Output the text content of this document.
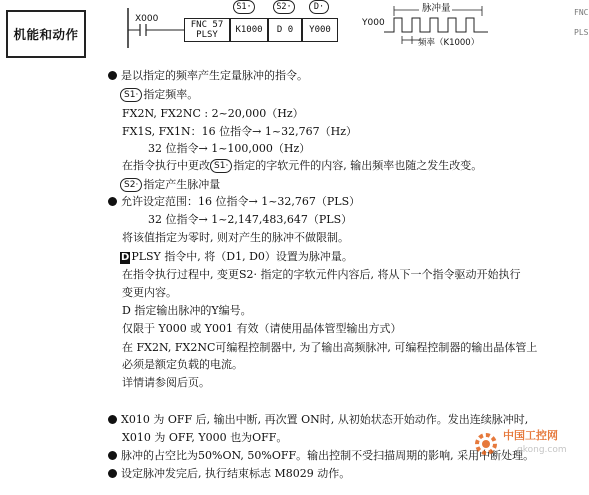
机能和动作
X000
FNC 57
PLSY K1000 D 0 Y000
S1·	S2·	D·	脉冲量
Y000
频率（K1000）
FNC
PLS
是以指定的频率产生定量脉冲的指令。
S1· 指定频率。
FX2N, FX2NC : 2~20,000（Hz）
FX1S, FX1N：16 位指令→ 1~32,767（Hz）
32 位指令→ 1~100,000（Hz）
在指令执行中更改 S1· 指定的字软元件的内容, 输出频率也随之发生改变。
S2· 指定产生脉冲量
允许设定范围：16 位指令→ 1~32,767（PLS）
32 位指令→ 1~2,147,483,647（PLS）
将该值指定为零时, 则对产生的脉冲不做限制。
D PLSY 指令中, 将（D1, D0）设置为脉冲量。
在指令执行过程中, 变更S2· 指定的字软元件内容后, 将从下一个指令驱动开始执行
变更内容。
D 指定输出脉冲的Y编号。
仅限于 Y000 或 Y001 有效（请使用晶体管型输出方式）
在 FX2N, FX2NC可编程控制器中, 为了输出高频脉冲, 可编程控制器的输出晶体管上
必须是额定负载的电流。
详情请参阅后页。
X010 为 OFF 后, 输出中断, 再次置 ON时, 从初始状态开始动作。发出连续脉冲时,
X010 为 OFF, Y000 也为OFF。
脉冲的占空比为50%ON, 50%OFF。输出控制不受扫描周期的影响, 采用中断处理。
设定脉冲发完后, 执行结束标志 M8029 动作。
中国工控网
gkong.com
